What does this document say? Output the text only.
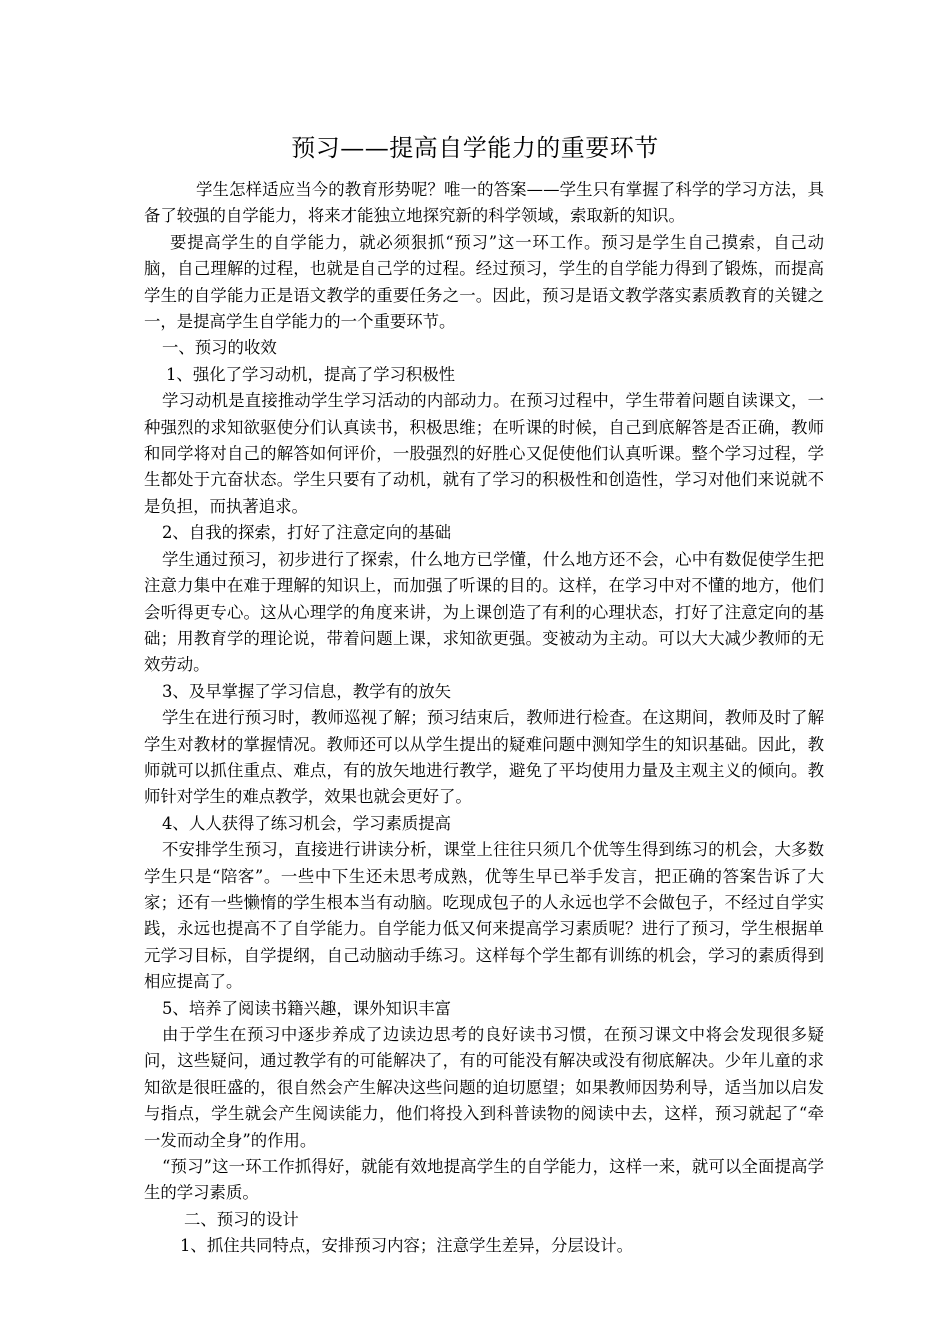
预习——提高自学能力的重要环节

学生怎样适应当今的教育形势呢？唯一的答案——学生只有掌握了科学的学习方法，具备了较强的自学能力，将来才能独立地探究新的科学领域，索取新的知识。

要提高学生的自学能力，就必须狠抓“预习”这一环工作。预习是学生自己摸索，自己动脑，自己理解的过程，也就是自己学的过程。经过预习，学生的自学能力得到了锻炼，而提高学生的自学能力正是语文教学的重要任务之一。因此，预习是语文教学落实素质教育的关键之一，是提高学生自学能力的一个重要环节。

一、预习的收效

1、强化了学习动机，提高了学习积极性

学习动机是直接推动学生学习活动的内部动力。在预习过程中，学生带着问题自读课文，一种强烈的求知欲驱使分们认真读书，积极思维；在听课的时候，自己到底解答是否正确，教师和同学将对自己的解答如何评价，一股强烈的好胜心又促使他们认真听课。整个学习过程，学生都处于亢奋状态。学生只要有了动机，就有了学习的积极性和创造性，学习对他们来说就不是负担，而执著追求。

2、自我的探索，打好了注意定向的基础

学生通过预习，初步进行了探索，什么地方已学懂，什么地方还不会，心中有数促使学生把注意力集中在难于理解的知识上，而加强了听课的目的。这样，在学习中对不懂的地方，他们会听得更专心。这从心理学的角度来讲，为上课创造了有利的心理状态，打好了注意定向的基础；用教育学的理论说，带着问题上课，求知欲更强。变被动为主动。可以大大减少教师的无效劳动。

3、及早掌握了学习信息，教学有的放矢

学生在进行预习时，教师巡视了解；预习结束后，教师进行检查。在这期间，教师及时了解学生对教材的掌握情况。教师还可以从学生提出的疑难问题中测知学生的知识基础。因此，教师就可以抓住重点、难点，有的放矢地进行教学，避免了平均使用力量及主观主义的倾向。教师针对学生的难点教学，效果也就会更好了。

4、人人获得了练习机会，学习素质提高

不安排学生预习，直接进行讲读分析，课堂上往往只须几个优等生得到练习的机会，大多数学生只是“陪客”。一些中下生还未思考成熟，优等生早已举手发言，把正确的答案告诉了大家；还有一些懒惰的学生根本当有动脑。吃现成包子的人永远也学不会做包子，不经过自学实践，永远也提高不了自学能力。自学能力低又何来提高学习素质呢？进行了预习，学生根据单元学习目标，自学提纲，自己动脑动手练习。这样每个学生都有训练的机会，学习的素质得到相应提高了。

5、培养了阅读书籍兴趣，课外知识丰富

由于学生在预习中逐步养成了边读边思考的良好读书习惯，在预习课文中将会发现很多疑问，这些疑问，通过教学有的可能解决了，有的可能没有解决或没有彻底解决。少年儿童的求知欲是很旺盛的，很自然会产生解决这些问题的迫切愿望；如果教师因势利导，适当加以启发与指点，学生就会产生阅读能力，他们将投入到科普读物的阅读中去，这样，预习就起了“牵一发而动全身”的作用。

“预习”这一环工作抓得好，就能有效地提高学生的自学能力，这样一来，就可以全面提高学生的学习素质。

二、预习的设计

1、抓住共同特点，安排预习内容；注意学生差异，分层设计。
